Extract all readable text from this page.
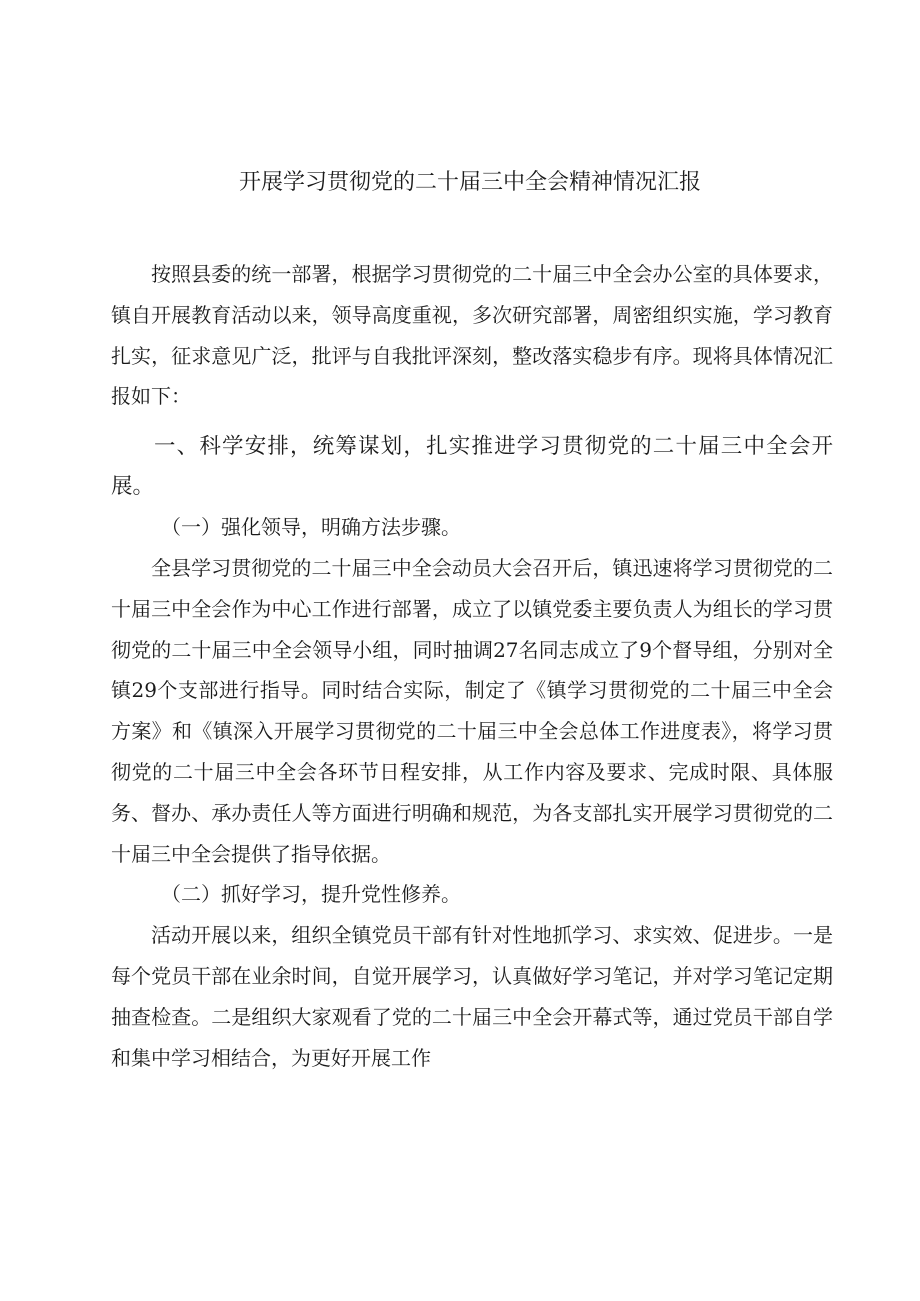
开展学习贯彻党的二十届三中全会精神情况汇报

按照县委的统一部署，根据学习贯彻党的二十届三中全会办公室的具体要求，镇自开展教育活动以来，领导高度重视，多次研究部署，周密组织实施，学习教育扎实，征求意见广泛，批评与自我批评深刻，整改落实稳步有序。现将具体情况汇报如下：

一、科学安排，统筹谋划，扎实推进学习贯彻党的二十届三中全会开展。

（一）强化领导，明确方法步骤。

全县学习贯彻党的二十届三中全会动员大会召开后，镇迅速将学习贯彻党的二十届三中全会作为中心工作进行部署，成立了以镇党委主要负责人为组长的学习贯彻党的二十届三中全会领导小组，同时抽调27名同志成立了9个督导组，分别对全镇29个支部进行指导。同时结合实际，制定了《镇学习贯彻党的二十届三中全会方案》和《镇深入开展学习贯彻党的二十届三中全会总体工作进度表》，将学习贯彻党的二十届三中全会各环节日程安排，从工作内容及要求、完成时限、具体服务、督办、承办责任人等方面进行明确和规范，为各支部扎实开展学习贯彻党的二十届三中全会提供了指导依据。

（二）抓好学习，提升党性修养。

活动开展以来，组织全镇党员干部有针对性地抓学习、求实效、促进步。一是每个党员干部在业余时间，自觉开展学习，认真做好学习笔记，并对学习笔记定期抽查检查。二是组织大家观看了党的二十届三中全会开幕式等，通过党员干部自学和集中学习相结合，为更好开展工作
